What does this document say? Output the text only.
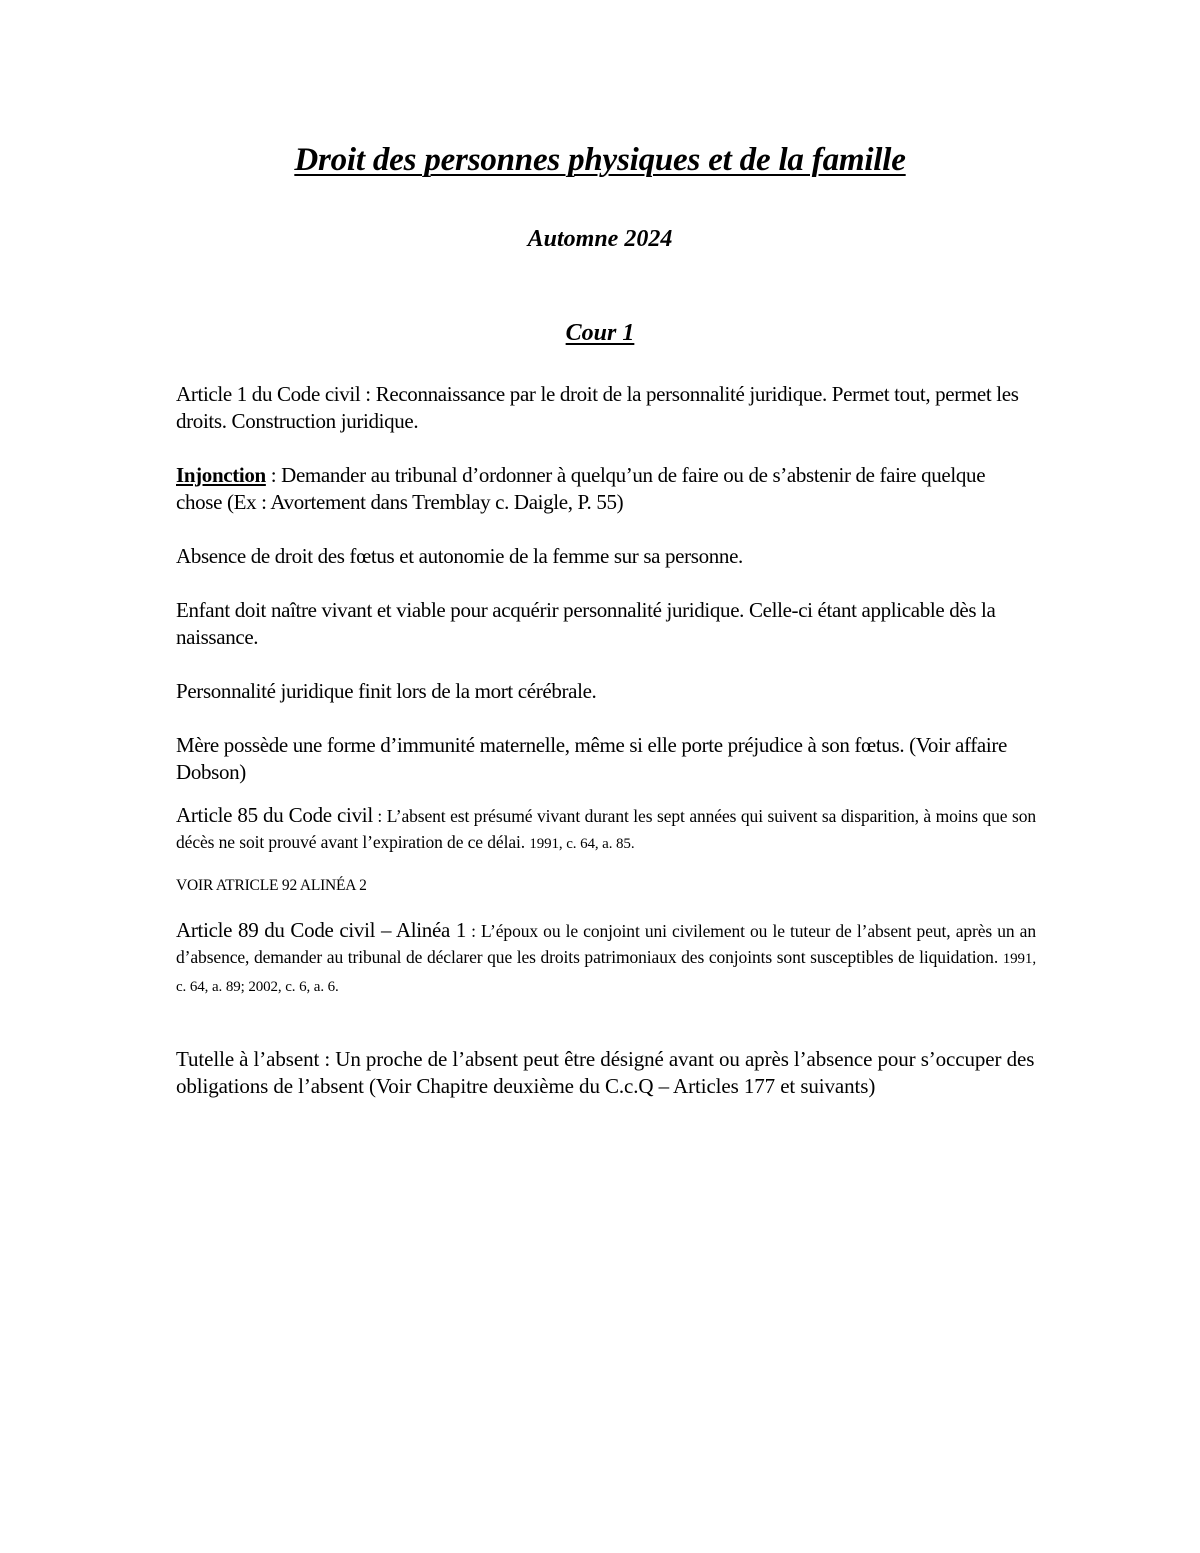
Droit des personnes physiques et de la famille
Automne 2024
Cour 1

Article 1 du Code civil : Reconnaissance par le droit de la personnalité juridique. Permet tout, permet les droits. Construction juridique.

Injonction : Demander au tribunal d’ordonner à quelqu’un de faire ou de s’abstenir de faire quelque chose (Ex : Avortement dans Tremblay c. Daigle, P. 55)

Absence de droit des fœtus et autonomie de la femme sur sa personne.

Enfant doit naître vivant et viable pour acquérir personnalité juridique. Celle-ci étant applicable dès la naissance.

Personnalité juridique finit lors de la mort cérébrale.

Mère possède une forme d’immunité maternelle, même si elle porte préjudice à son fœtus. (Voir affaire Dobson)

Article 85 du Code civil : L’absent est présumé vivant durant les sept années qui suivent sa disparition, à moins que son décès ne soit prouvé avant l’expiration de ce délai. 1991, c. 64, a. 85.

VOIR ATRICLE 92 ALINÉA 2

Article 89 du Code civil – Alinéa 1 : L’époux ou le conjoint uni civilement ou le tuteur de l’absent peut, après un an d’absence, demander au tribunal de déclarer que les droits patrimoniaux des conjoints sont susceptibles de liquidation. 1991, c. 64, a. 89; 2002, c. 6, a. 6.

Tutelle à l’absent : Un proche de l’absent peut être désigné avant ou après l’absence pour s’occuper des obligations de l’absent (Voir Chapitre deuxième du C.c.Q – Articles 177 et suivants)
